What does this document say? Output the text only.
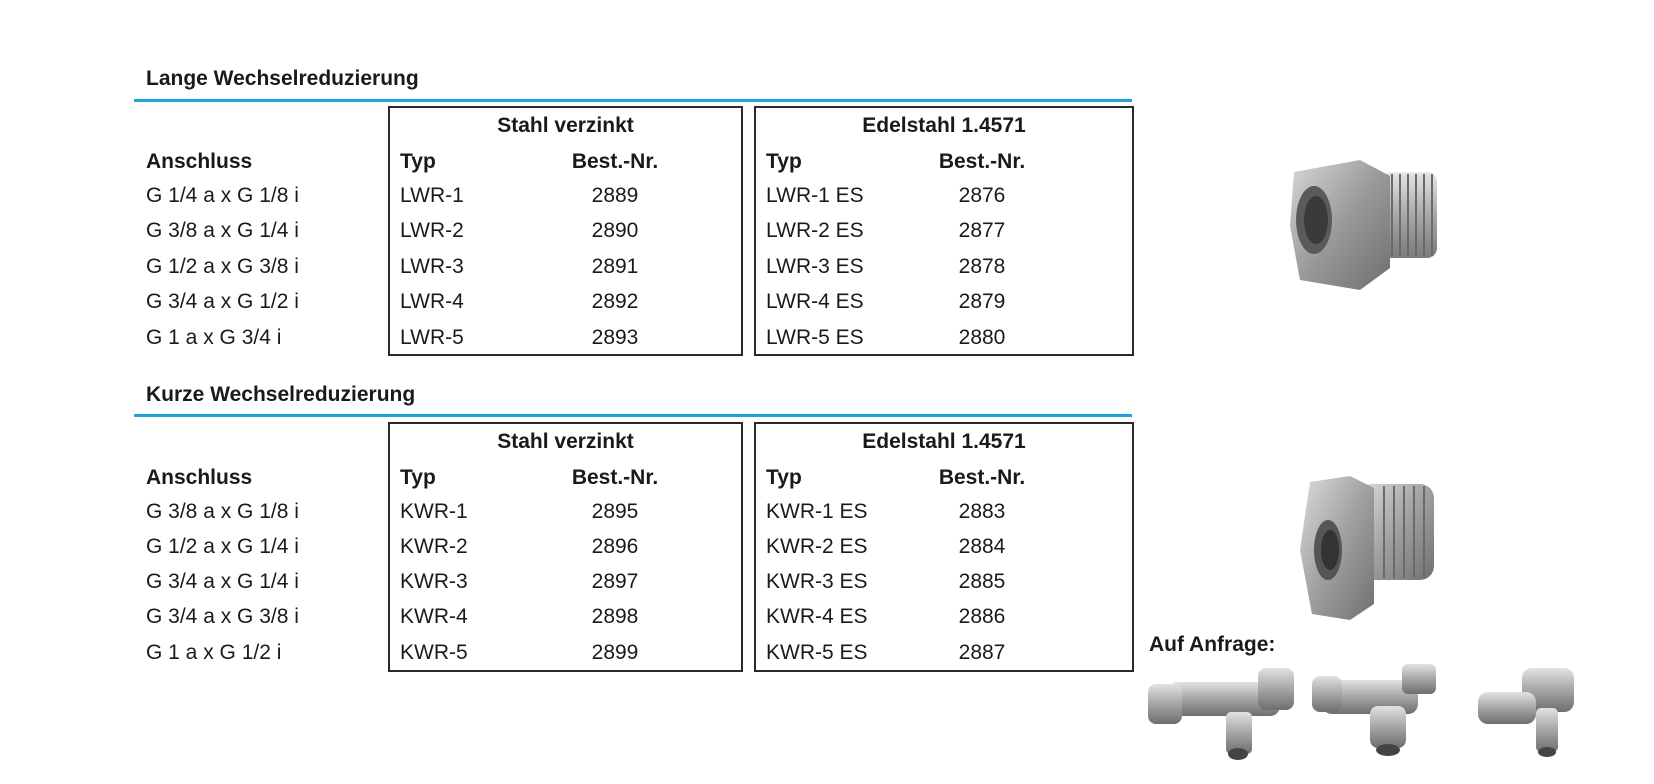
Lange Wechselreduzierung
Stahl verzinkt	Edelstahl 1.4571
Anschluss	Typ	Best.-Nr.	Typ	Best.-Nr.
G 1/4 a x G 1/8 i	LWR-1	2889	LWR-1 ES	2876
G 3/8 a x G 1/4 i	LWR-2	2890	LWR-2 ES	2877
G 1/2 a x G 3/8 i	LWR-3	2891	LWR-3 ES	2878
G 3/4 a x G 1/2 i	LWR-4	2892	LWR-4 ES	2879
G 1 a x G 3/4 i	LWR-5	2893	LWR-5 ES	2880
Kurze Wechselreduzierung
Stahl verzinkt	Edelstahl 1.4571
Anschluss	Typ	Best.-Nr.	Typ	Best.-Nr.
G 3/8 a x G 1/8 i	KWR-1	2895	KWR-1 ES	2883
G 1/2 a x G 1/4 i	KWR-2	2896	KWR-2 ES	2884
G 3/4 a x G 1/4 i	KWR-3	2897	KWR-3 ES	2885
G 3/4 a x G 3/8 i	KWR-4	2898	KWR-4 ES	2886
G 1 a x G 1/2 i	KWR-5	2899	KWR-5 ES	2887	Auf Anfrage:
